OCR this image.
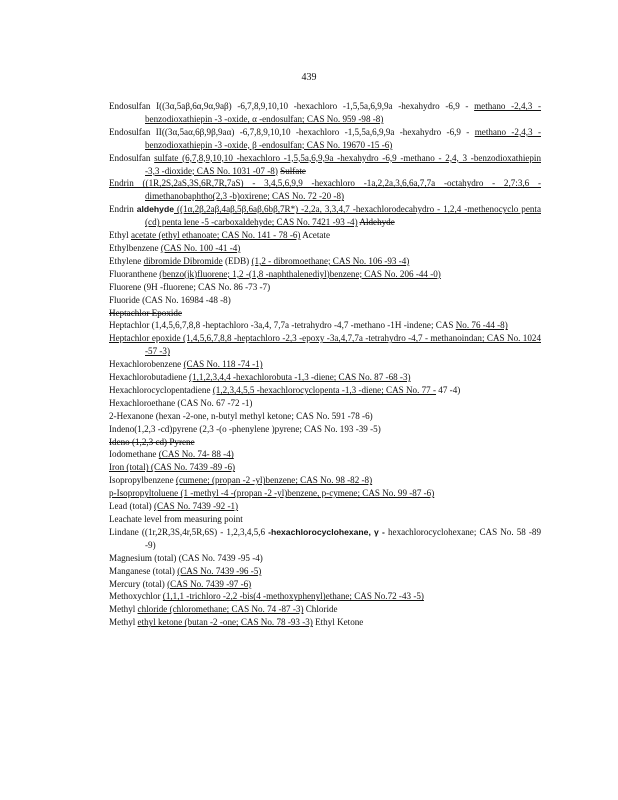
439
Endosulfan I((3α,5aβ,6α,9α,9aβ) -6,7,8,9,10,10 -hexachloro -1,5,5a,6,9,9a -hexahydro -6,9 - methano -2,4,3 -benzodioxathiepin -3 -oxide, α -endosulfan; CAS No. 959 -98 -8)
Endosulfan II((3α,5aα,6β,9β,9aα) -6,7,8,9,10,10 -hexachloro -1,5,5a,6,9,9a -hexahydro -6,9 - methano -2,4,3 -benzodioxathiepin -3 -oxide, β -endosulfan; CAS No. 19670 -15 -6)
Endosulfan sulfate (6,7,8,9,10,10 -hexachloro -1,5,5a,6,9,9a -hexahydro -6,9 -methano - 2,4, 3 -benzodioxathiepin -3,3 -dioxide; CAS No. 1031 -07 -8) Sulfate
Endrin ((1R,2S,2aS,3S,6R,7R,7aS) - 3,4,5,6,9,9 -hexachloro -1a,2,2a,3,6,6a,7,7a -octahydro - 2,7:3,6 -dimethanobaphtho(2,3 -b)oxirene; CAS No. 72 -20 -8)
Endrin aldehyde ((1α,2β,2aβ,4aβ,5β,6aβ,6bβ,7R*) -2,2a, 3,3,4,7 -hexachlorodecahydro - 1,2,4 -methenocyclo penta (cd) penta lene -5 -carboxaldehyde; CAS No. 7421 -93 -4) Aldehyde
Ethyl acetate (ethyl ethanoate; CAS No. 141 - 78 -6) Acetate
Ethylbenzene (CAS No. 100 -41 -4)
Ethylene dibromide Dibromide (EDB) (1,2 - dibromoethane; CAS No. 106 -93 -4)
Fluoranthene (benzo(jk)fluorene; 1,2 -(1,8 -naphthalenediyl)benzene; CAS No. 206 -44 -0)
Fluorene (9H -fluorene; CAS No. 86 -73 -7)
Fluoride (CAS No. 16984 -48 -8)
Heptachlor Epoxide
Heptachlor (1,4,5,6,7,8,8 -heptachloro -3a,4, 7,7a -tetrahydro -4,7 -methano -1H -indene; CAS No. 76 -44 -8)
Heptachlor epoxide (1,4,5,6,7,8,8 -heptachloro -2,3 -epoxy -3a,4,7,7a -tetrahydro -4,7 - methanoindan; CAS No. 1024 -57 -3)
Hexachlorobenzene (CAS No. 118 -74 -1)
Hexachlorobutadiene (1,1,2,3,4,4 -hexachlorobuta -1,3 -diene; CAS No. 87 -68 -3)
Hexachlorocyclopentadiene (1,2,3,4,5,5 -hexachlorocyclopenta -1,3 -diene; CAS No. 77 - 47 -4)
Hexachloroethane (CAS No. 67 -72 -1)
2-Hexanone (hexan -2-one, n-butyl methyl ketone; CAS No. 591 -78 -6)
Indeno(1,2,3 -cd)pyrene (2,3 -(o -phenylene )pyrene; CAS No. 193 -39 -5)
Ideno (1,2,3 cd) Pyrene
Iodomethane (CAS No. 74- 88 -4)
Iron (total) (CAS No. 7439 -89 -6)
Isopropylbenzene (cumene; (propan -2 -yl)benzene; CAS No. 98 -82 -8)
p-Isopropyltoluene (1 -methyl -4 -(propan -2 -yl)benzene, p-cymene; CAS No. 99 -87 -6)
Lead (total) (CAS No. 7439 -92 -1)
Leachate level from measuring point
Lindane ((1r,2R,3S,4r,5R,6S) - 1,2,3,4,5,6 -hexachlorocyclohexane, γ - hexachlorocyclohexane; CAS No. 58 -89 -9)
Magnesium (total) (CAS No. 7439 -95 -4)
Manganese (total) (CAS No. 7439 -96 -5)
Mercury (total) (CAS No. 7439 -97 -6)
Methoxychlor (1,1,1 -trichloro -2,2 -bis(4 -methoxyphenyl)ethane; CAS No.72 -43 -5)
Methyl chloride (chloromethane; CAS No. 74 -87 -3) Chloride
Methyl ethyl ketone (butan -2 -one; CAS No. 78 -93 -3) Ethyl Ketone
